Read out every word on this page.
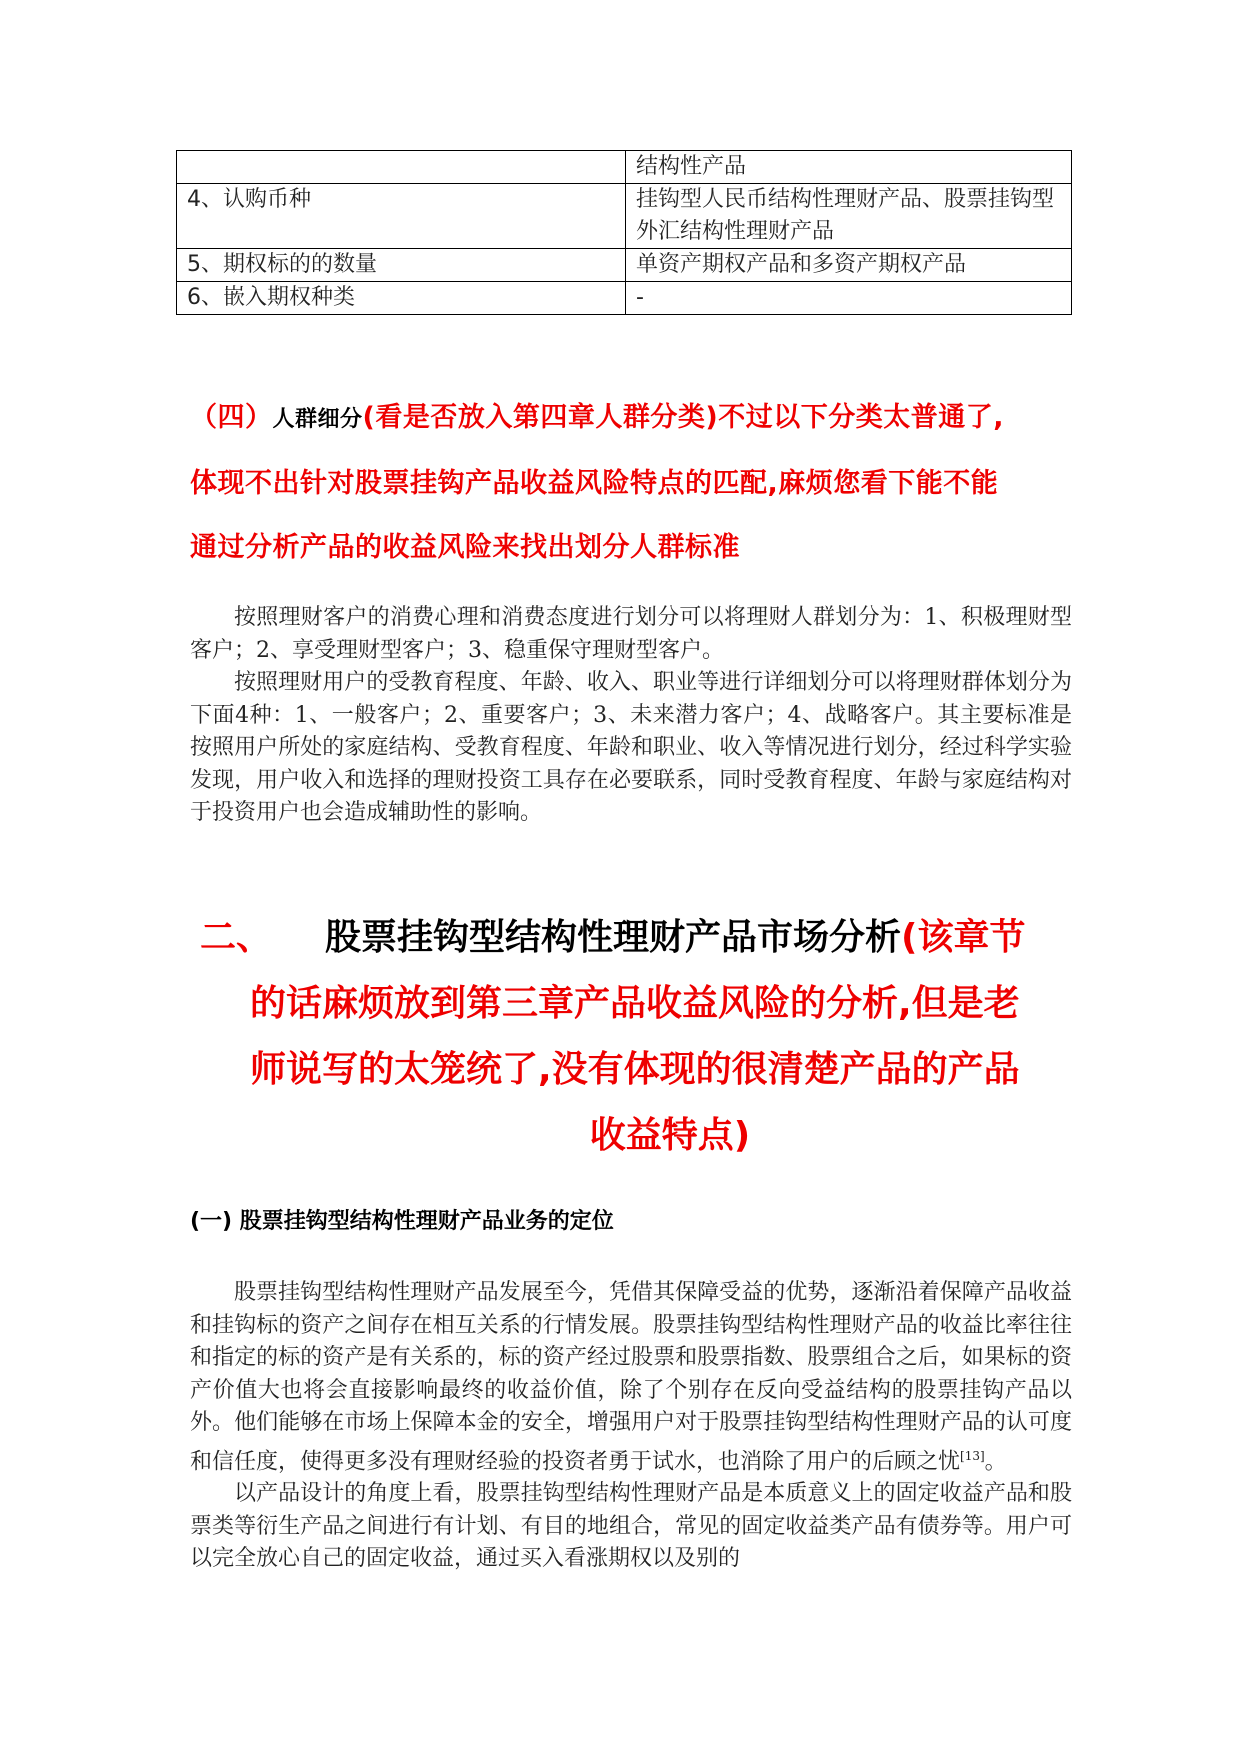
	结构性产品
4、认购币种	挂钩型人民币结构性理财产品、股票挂钩型外汇结构性理财产品
5、期权标的的数量	单资产期权产品和多资产期权产品
6、嵌入期权种类	-
（四）人群细分(看是否放入第四章人群分类)不过以下分类太普通了,
体现不出针对股票挂钩产品收益风险特点的匹配,麻烦您看下能不能
通过分析产品的收益风险来找出划分人群标准

按照理财客户的消费心理和消费态度进行划分可以将理财人群划分为：1、积极理财型客户；2、享受理财型客户；3、稳重保守理财型客户。

按照理财用户的受教育程度、年龄、收入、职业等进行详细划分可以将理财群体划分为下面4种：1、一般客户；2、重要客户；3、未来潜力客户；4、战略客户。其主要标准是按照用户所处的家庭结构、受教育程度、年龄和职业、收入等情况进行划分，经过科学实验发现，用户收入和选择的理财投资工具存在必要联系，同时受教育程度、年龄与家庭结构对于投资用户也会造成辅助性的影响。

二、 股票挂钩型结构性理财产品市场分析(该章节
的话麻烦放到第三章产品收益风险的分析,但是老
师说写的太笼统了,没有体现的很清楚产品的产品
收益特点)
(一) 股票挂钩型结构性理财产品业务的定位

股票挂钩型结构性理财产品发展至今，凭借其保障受益的优势，逐渐沿着保障产品收益和挂钩标的资产之间存在相互关系的行情发展。股票挂钩型结构性理财产品的收益比率往往和指定的标的资产是有关系的，标的资产经过股票和股票指数、股票组合之后，如果标的资产价值大也将会直接影响最终的收益价值，除了个别存在反向受益结构的股票挂钩产品以外。他们能够在市场上保障本金的安全，增强用户对于股票挂钩型结构性理财产品的认可度和信任度，使得更多没有理财经验的投资者勇于试水，也消除了用户的后顾之忧[13]。

以产品设计的角度上看，股票挂钩型结构性理财产品是本质意义上的固定收益产品和股票类等衍生产品之间进行有计划、有目的地组合，常见的固定收益类产品有债券等。用户可以完全放心自己的固定收益，通过买入看涨期权以及别的
